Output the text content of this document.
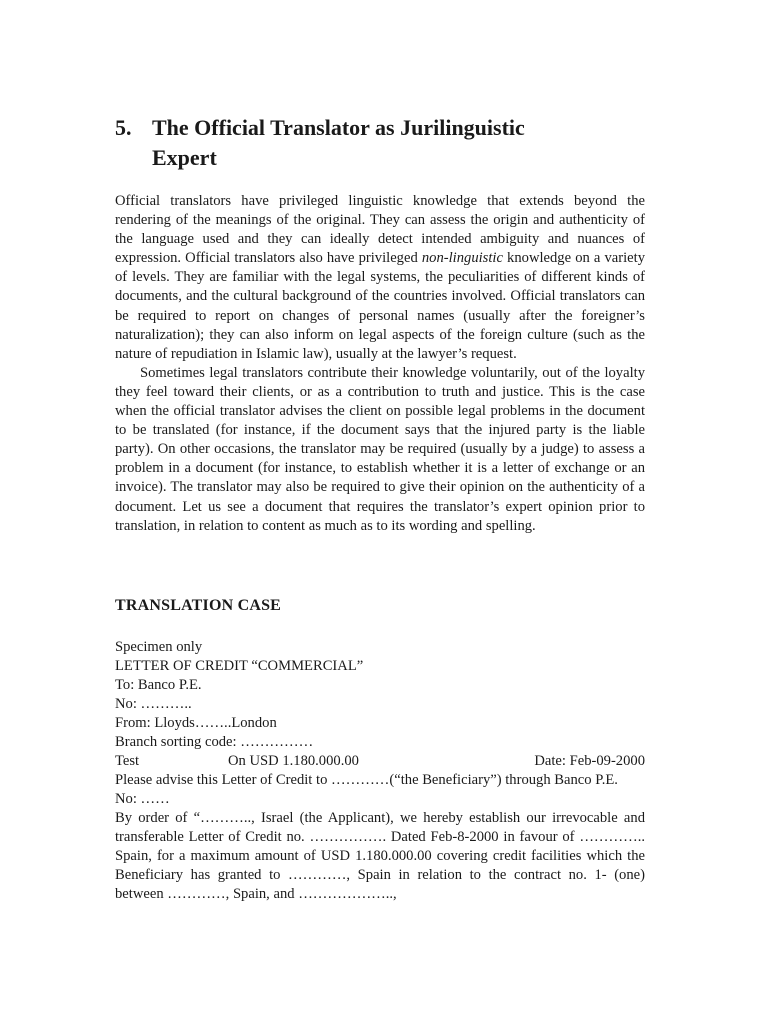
5. The Official Translator as Jurilinguistic Expert

Official translators have privileged linguistic knowledge that extends beyond the rendering of the meanings of the original. They can assess the origin and authenticity of the language used and they can ideally detect intended ambiguity and nuances of expression. Official translators also have privileged non-linguistic knowledge on a variety of levels. They are familiar with the legal systems, the peculiarities of different kinds of documents, and the cultural background of the countries involved. Official translators can be required to report on changes of personal names (usually after the foreigner’s naturalization); they can also inform on legal aspects of the foreign culture (such as the nature of repudiation in Islamic law), usually at the lawyer’s request.

Sometimes legal translators contribute their knowledge voluntarily, out of the loyalty they feel toward their clients, or as a contribution to truth and justice. This is the case when the official translator advises the client on possible legal problems in the document to be translated (for instance, if the document says that the injured party is the liable party). On other occasions, the translator may be required (usually by a judge) to assess a problem in a document (for instance, to establish whether it is a letter of exchange or an invoice). The translator may also be required to give their opinion on the authenticity of a document. Let us see a document that requires the translator’s expert opinion prior to translation, in relation to content as much as to its wording and spelling.

TRANSLATION CASE
Specimen only
LETTER OF CREDIT “COMMERCIAL”
To: Banco P.E.
No: ………..
From: Lloyds……..London
Branch sorting code: ……………
Test	On USD 1.180.000.00	Date: Feb-09-2000
Please advise this Letter of Credit to …………(“the Beneficiary”) through Banco P.E.
No: ……
By order of “……….., Israel (the Applicant), we hereby establish our irrevocable and transferable Letter of Credit no. ……………. Dated Feb-8-2000 in favour of ………….. Spain, for a maximum amount of USD 1.180.000.00 covering credit facilities which the Beneficiary has granted to …………, Spain in relation to the contract no. 1- (one) between …………, Spain, and ………………..,
